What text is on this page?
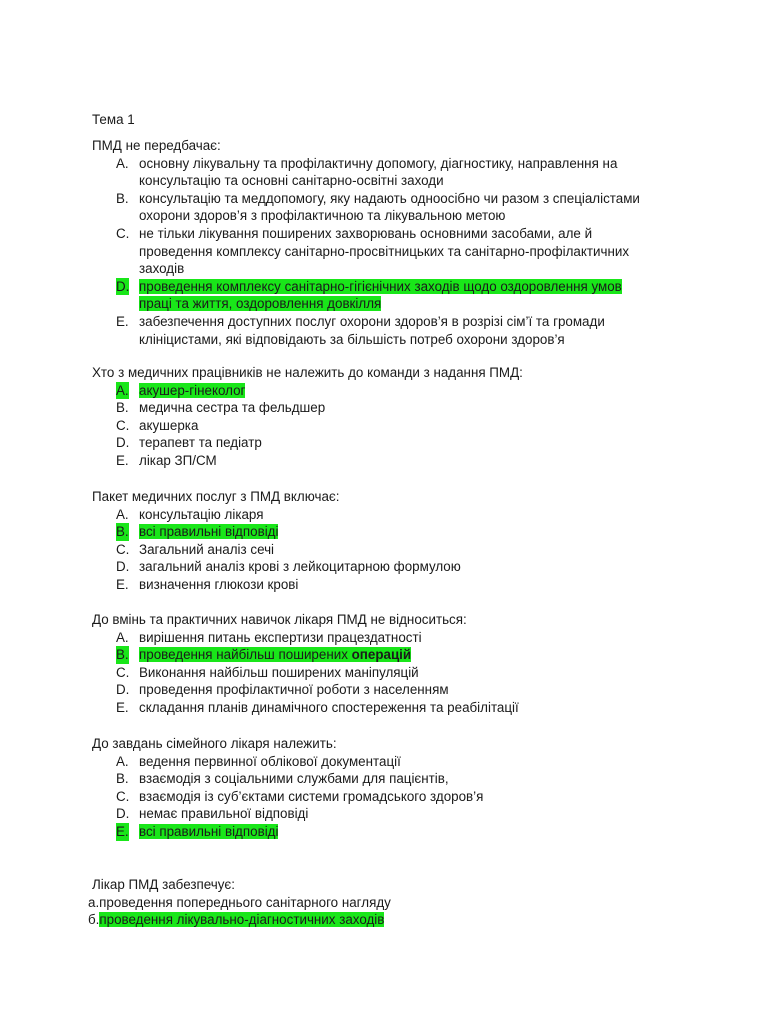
Тема 1
ПМД не передбачає:
A. основну лікувальну та профілактичну допомогу, діагностику, направлення на
консультацію та основні санітарно-освітні заходи
B. консультацію та меддопомогу, яку надають одноосібно чи разом з спеціалістами
охорони здоров’я з профілактичною та лікувальною метою
C. не тільки лікування поширених захворювань основними засобами, але й
проведення комплексу санітарно-просвітницьких та санітарно-профілактичних
заходів
D. проведення комплексу санітарно-гігієнічних заходів щодо оздоровлення умов
праці та життя, оздоровлення довкілля
E. забезпечення доступних послуг охорони здоров’я в розрізі сім’ї та громади
клініцистами, які відповідають за більшість потреб охорони здоров’я
Хто з медичних працівників не належить до команди з надання ПМД:
A. акушер-гінеколог
B. медична сестра та фельдшер
C. акушерка
D. терапевт та педіатр
E. лікар ЗП/СМ
Пакет медичних послуг з ПМД включає:
A. консультацію лікаря
B. всі правильні відповіді
C. Загальний аналіз сечі
D. загальний аналіз крові з лейкоцитарною формулою
E. визначення глюкози крові
До вмінь та практичних навичок лікаря ПМД не відноситься:
A. вирішення питань експертизи працездатності
B. проведення найбільш поширених операцій
C. Виконання найбільш поширених маніпуляцій
D. проведення профілактичної роботи з населенням
E. складання планів динамічного спостереження та реабілітації
До завдань сімейного лікаря належить:
A. ведення первинної облікової документації
B. взаємодія з соціальними службами для пацієнтів,
C. взаємодія із суб’єктами системи громадського здоров’я
D. немає правильної відповіді
E. всі правильні відповіді
Лікар ПМД забезпечує:
а.проведення попереднього санітарного нагляду
б.проведення лікувально-діагностичних заходів
